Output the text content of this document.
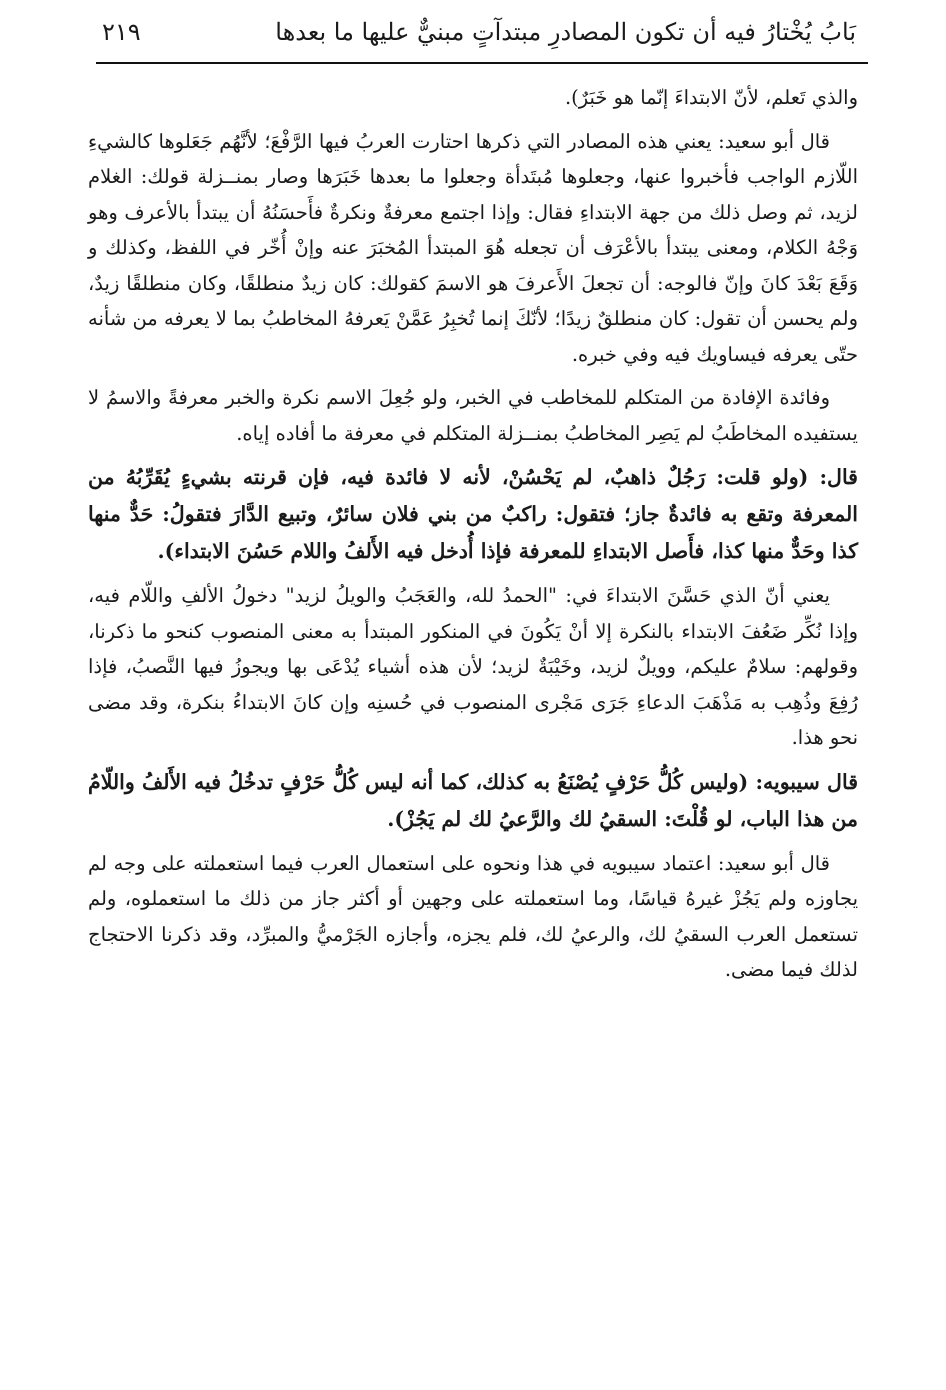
بَابُ يُخْتارُ فيه أن تكون المصادرِ مبتدآتٍ مبنيٌّ عليها ما بعدها
٢١٩

والذي تَعلم، لأنّ الابتداءَ إنّما هو خَبَرٌ).

قال أبو سعيد: يعني هذه المصادر التي ذكرها احتارت العربُ فيها الرَّفْعَ؛ لأنَّهُم جَعَلوها كالشيءِ اللّازم الواجب فأخبروا عنها، وجعلوها مُبتَدأة وجعلوا ما بعدها خَبَرَها وصار بمنــزلة قولك: الغلام لزيد، ثم وصل ذلك من جهة الابتداءِ فقال: وإذا اجتمع معرفةٌ ونكرةٌ فأَحسَنُهُ أن يبتدأ بالأعرف وهو وَجْهُ الكلام، ومعنى يبتدأ بالأعْرَف أن تجعله هُوَ المبتدأ المُخبَرَ عنه وإنْ أُخّر في اللفظ، وكذلك و وَقَعَ بَعْدَ كانَ وإنّ فالوجه: أن تجعلَ الأَعرفَ هو الاسمَ كقولك: كان زيدٌ منطلقًا، وكان منطلقًا زيدٌ، ولم يحسن أن تقول: كان منطلقٌ زيدًا؛ لأنّكَ إنما تُخبِرُ عَمَّنْ يَعرفهُ المخاطبُ بما لا يعرفه من شأنه حتّى يعرفه فيساويك فيه وفي خبره.

وفائدة الإفادة من المتكلم للمخاطب في الخبر، ولو جُعِلَ الاسم نكرة والخبر معرفةً والاسمُ لا يستفيده المخاطَبُ لم يَصِر المخاطبُ بمنــزلة المتكلم في معرفة ما أفاده إياه.

قال: (ولو قلت: رَجُلٌ ذاهبٌ، لم يَحْسُنْ، لأنه لا فائدة فيه، فإن قرنته بشيءٍ يُقَرِّبُهُ من المعرفة وتقع به فائدةٌ جاز؛ فتقول: راكبٌ من بني فلان سائرٌ، وتبيع الدَّارَ فتقولُ: حَدٌّ منها كذا وحَدٌّ منها كذا، فأَصل الابتداءِ للمعرفة فإذا أُدخل فيه الأَلفُ واللام حَسُنَ الابتداء).

يعني أنّ الذي حَسَّنَ الابتداءَ في: "الحمدُ لله، والعَجَبُ والويلُ لزيد" دخولُ الألفِ واللّام فيه، وإذا نُكِّر ضَعُفَ الابتداء بالنكرة إلا أنْ يَكُونَ في المنكور المبتدأ به معنى المنصوب كنحو ما ذكرنا، وقولهم: سلامٌ عليكم، وويلٌ لزيد، وخَيْبَةٌ لزيد؛ لأن هذه أشياء يُدْعَى بها ويجوزُ فيها النَّصبُ، فإذا رُفِعَ وذُهِب به مَذْهَبَ الدعاءِ جَرَى مَجْرى المنصوب في حُسنِه وإن كانَ الابتداءُ بنكرة، وقد مضى نحو هذا.

قال سيبويه: (وليس كُلُّ حَرْفٍ يُصْنَعُ به كذلك، كما أنه ليس كُلُّ حَرْفٍ تدخُلُ فيه الأَلفُ واللّامُ من هذا الباب، لو قُلْتَ: السقيُ لك والرَّعيُ لك لم يَجُزْ).

قال أبو سعيد: اعتماد سيبويه في هذا ونحوه على استعمال العرب فيما استعملته على وجه لم يجاوزه ولم يَجُزْ غيرهُ قياسًا، وما استعملته على وجهين أو أكثر جاز من ذلك ما استعملوه، ولم تستعمل العرب السقيُ لك، والرعيُ لك، فلم يجزه، وأجازه الجَرْميُّ والمبرِّد، وقد ذكرنا الاحتجاج لذلك فيما مضى.
